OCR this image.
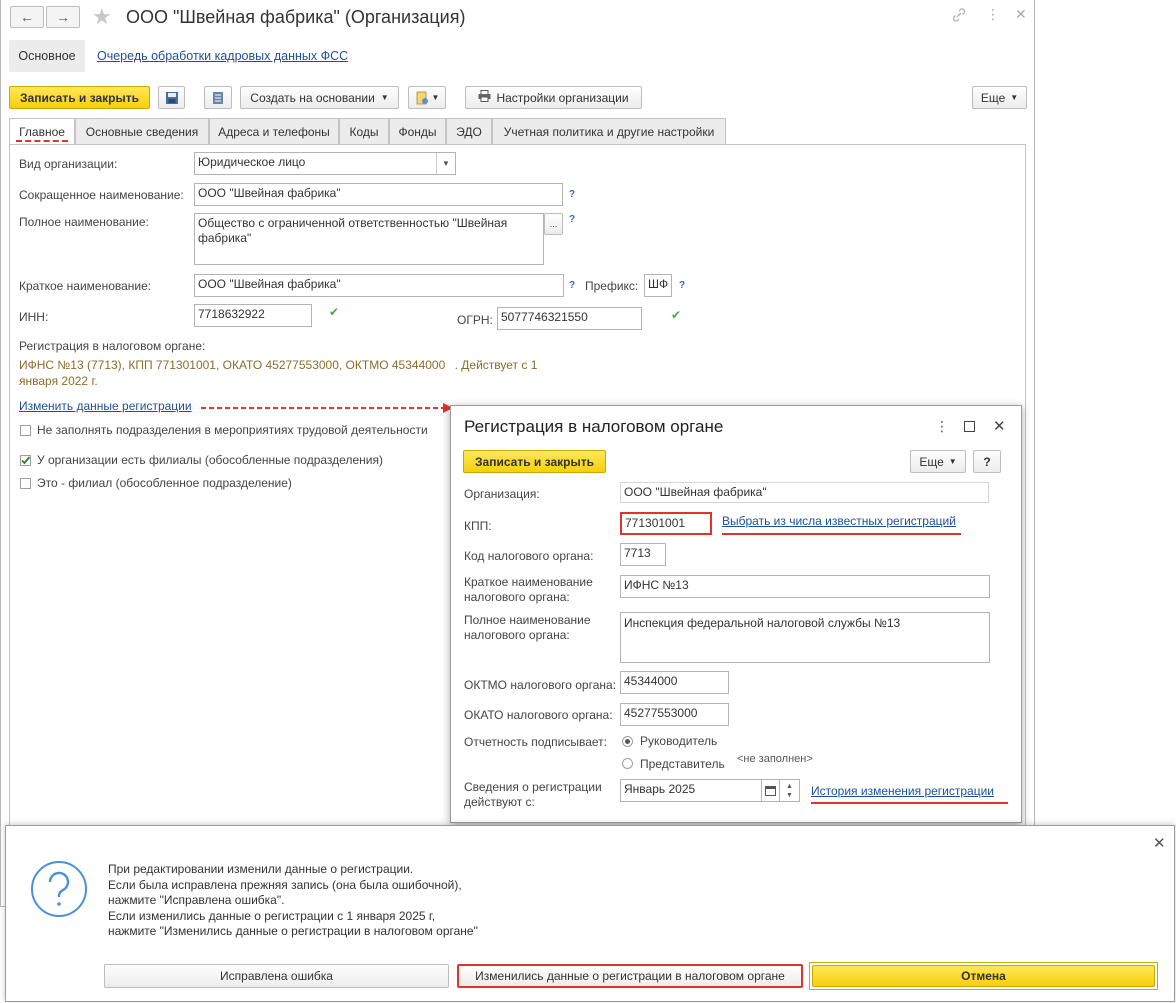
← → ★ ООО "Швейная фабрика" (Организация)	⋮ ✕
Основное	Очередь обработки кадровых данных ФСС
Записать и закрыть	Создать на основании ▼	▼	Настройки организации	Еще ▼
Главное Основные сведения Адреса и телефоны Коды Фонды ЭДО Учетная политика и другие настройки
Вид организации:	Юридическое лицо	▼
Сокращенное наименование:	ООО "Швейная фабрика"	?
Полное наименование:	Общество с ограниченной ответственностью "Швейная фабрика"
...	?
Краткое наименование:	ООО "Швейная фабрика"	? Префикс: ШФ	?
ИНН:	7718632922	✔
ОГРН: 5077746321550	✔
Регистрация в налоговом органе:
ИФНС №13 (7713), КПП 771301001, ОКАТО 45277553000, ОКТМО 45344000 . Действует с 1
января 2022 г.
Изменить данные регистрации
Не заполнять подразделения в мероприятиях трудовой деятельности
У организации есть филиалы (обособленные подразделения)
Это - филиал (обособленное подразделение)
Регистрация в налоговом органе	⋮	✕
Записать и закрыть	Еще ▼	?
Организация:	ООО "Швейная фабрика"
КПП:	771301001	Выбрать из числа известных регистраций
Код налогового органа:	7713
Краткое наименование
налогового органа:
ИФНС №13
Полное наименование
налогового органа:
Инспекция федеральной налоговой службы №13
ОКТМО налогового органа: 45344000
ОКАТО налогового органа: 45277553000
Отчетность подписывает:	Руководитель
Представитель <не заполнен>
Сведения о регистрации
действуют с:
Январь 2025	▲
▼ История изменения регистрации
✕
При редактировании изменили данные о регистрации.
Если была исправлена прежняя запись (она была ошибочной),
нажмите "Исправлена ошибка".
Если изменились данные о регистрации с 1 января 2025 г,
нажмите "Изменились данные о регистрации в налоговом органе"
Исправлена ошибка	Изменились данные о регистрации в налоговом органе	Отмена
